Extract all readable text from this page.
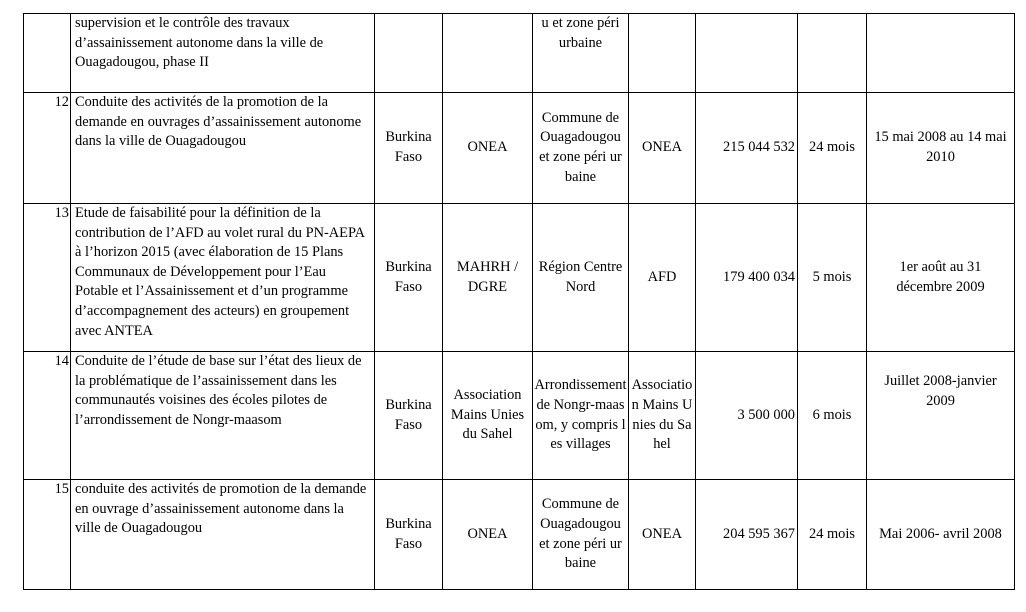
	supervision et le contrôle des travaux d’assainissement autonome dans la ville de Ouagadougou, phase II			u et zone péri urbaine				
12	Conduite des activités de la promotion de la demande en ouvrages d’assainissement autonome dans la ville de Ouagadougou	Burkina Faso	ONEA	Commune de Ouagadougou et zone péri urbaine	ONEA	215 044 532	24 mois	15 mai 2008 au 14 mai 2010
13	Etude de faisabilité pour la définition de la contribution de l’AFD au volet rural du PN-AEPA à l’horizon 2015 (avec élaboration de 15 Plans Communaux de Développement pour l’Eau Potable et l’Assainissement et d’un programme d’accompagnement des acteurs) en groupement avec ANTEA	Burkina Faso	MAHRH / DGRE	Région Centre Nord	AFD	179 400 034	5 mois	1er août au 31 décembre 2009
14	Conduite de l’étude de base sur l’état des lieux de la problématique de l’assainissement dans les communautés voisines des écoles pilotes de l’arrondissement de Nongr-maasom	Burkina Faso	Association Mains Unies du Sahel	Arrondissement de Nongr-maasom, y compris les villages	Association Mains Unies du Sahel	3 500 000	6 mois	Juillet 2008-janvier 2009
15	conduite des activités de promotion de la demande en ouvrage d’assainissement autonome dans la ville de Ouagadougou	Burkina Faso	ONEA	Commune de Ouagadougou et zone péri urbaine	ONEA	204 595 367	24 mois	Mai 2006- avril 2008
